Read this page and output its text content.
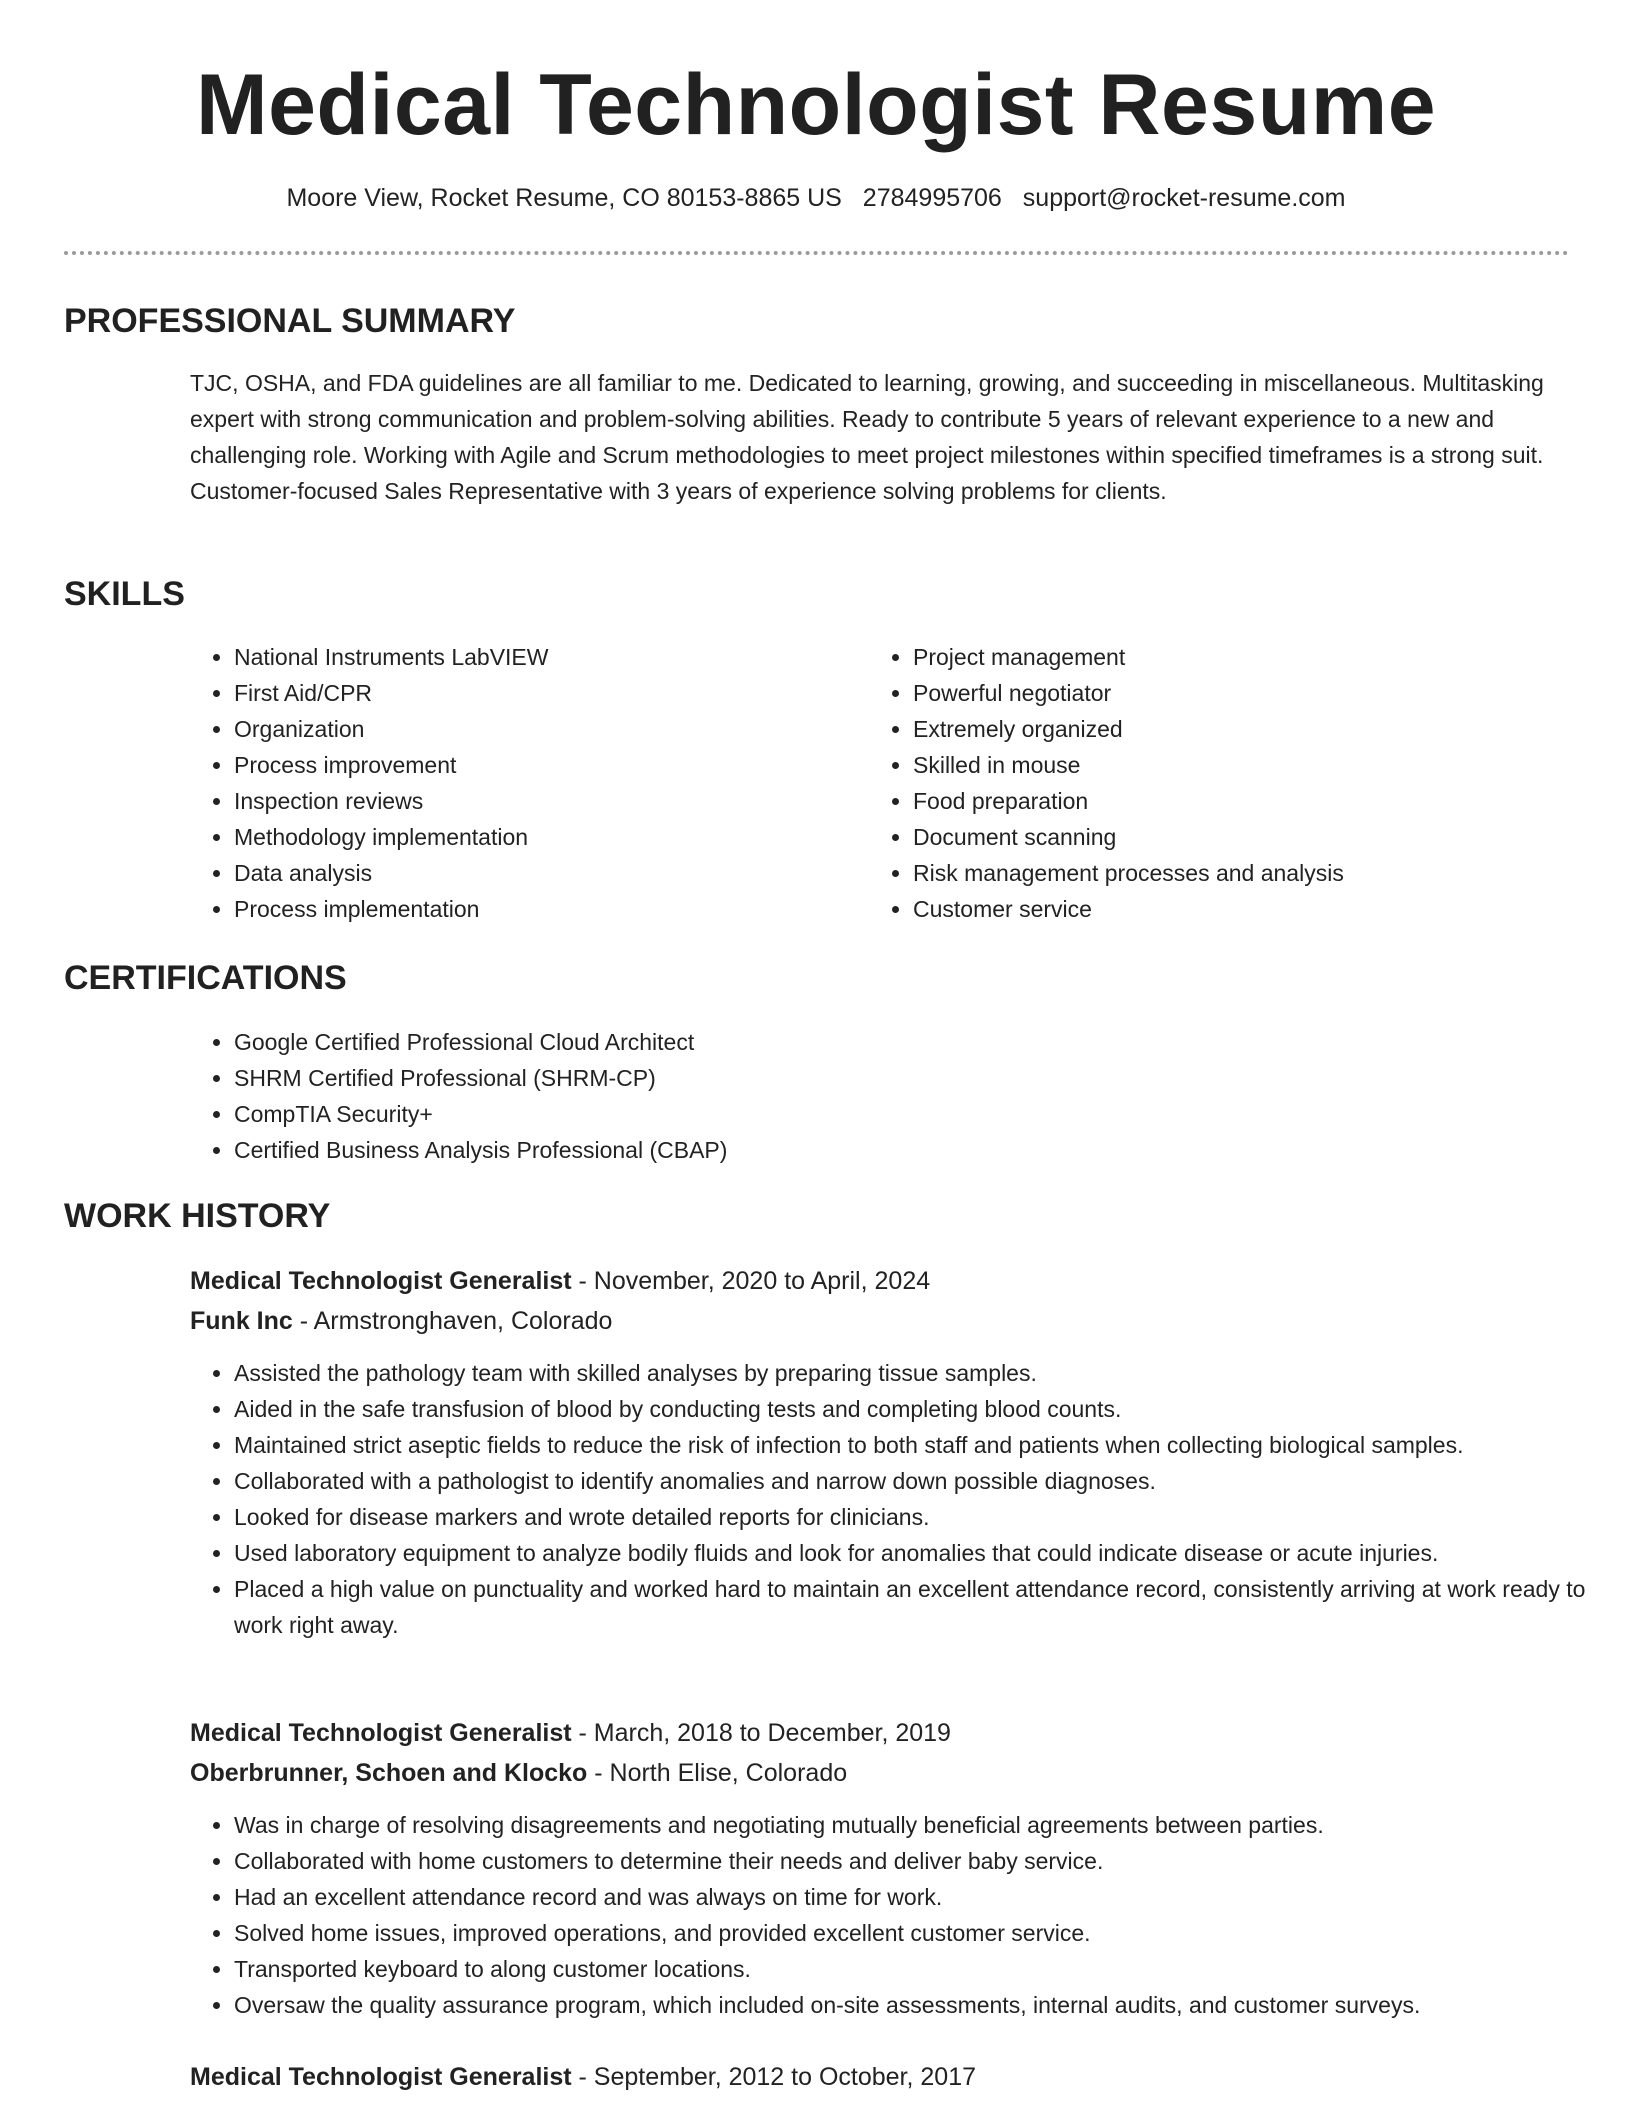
Medical Technologist Resume
Moore View, Rocket Resume, CO 80153-8865 US 2784995706 support@rocket-resume.com
PROFESSIONAL SUMMARY
TJC, OSHA, and FDA guidelines are all familiar to me. Dedicated to learning, growing, and succeeding in miscellaneous. Multitasking expert with strong communication and problem-solving abilities. Ready to contribute 5 years of relevant experience to a new and challenging role. Working with Agile and Scrum methodologies to meet project milestones within specified timeframes is a strong suit. Customer-focused Sales Representative with 3 years of experience solving problems for clients.
SKILLS
• National Instruments LabVIEW
• First Aid/CPR
• Organization
• Process improvement
• Inspection reviews
• Methodology implementation
• Data analysis
• Process implementation
• Project management
• Powerful negotiator
• Extremely organized
• Skilled in mouse
• Food preparation
• Document scanning
• Risk management processes and analysis
• Customer service
CERTIFICATIONS
• Google Certified Professional Cloud Architect
• SHRM Certified Professional (SHRM-CP)
• CompTIA Security+
• Certified Business Analysis Professional (CBAP)
WORK HISTORY
Medical Technologist Generalist - November, 2020 to April, 2024
Funk Inc - Armstronghaven, Colorado
• Assisted the pathology team with skilled analyses by preparing tissue samples.
• Aided in the safe transfusion of blood by conducting tests and completing blood counts.
• Maintained strict aseptic fields to reduce the risk of infection to both staff and patients when collecting biological samples.
• Collaborated with a pathologist to identify anomalies and narrow down possible diagnoses.
• Looked for disease markers and wrote detailed reports for clinicians.
• Used laboratory equipment to analyze bodily fluids and look for anomalies that could indicate disease or acute injuries.
• Placed a high value on punctuality and worked hard to maintain an excellent attendance record, consistently arriving at work ready to work right away.
Medical Technologist Generalist - March, 2018 to December, 2019
Oberbrunner, Schoen and Klocko - North Elise, Colorado
• Was in charge of resolving disagreements and negotiating mutually beneficial agreements between parties.
• Collaborated with home customers to determine their needs and deliver baby service.
• Had an excellent attendance record and was always on time for work.
• Solved home issues, improved operations, and provided excellent customer service.
• Transported keyboard to along customer locations.
• Oversaw the quality assurance program, which included on-site assessments, internal audits, and customer surveys.
Medical Technologist Generalist - September, 2012 to October, 2017
